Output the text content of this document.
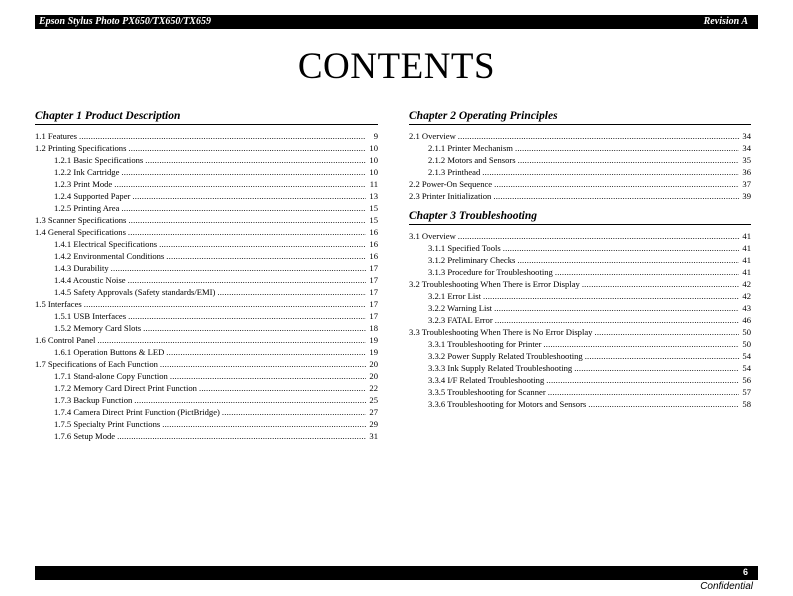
Epson Stylus Photo PX650/TX650/TX659	Revision A
CONTENTS
Chapter 1 Product Description
1.1 Features .....	9
1.2 Printing Specifications .....	10
1.2.1 Basic Specifications .....	10
1.2.2 Ink Cartridge .....	10
1.2.3 Print Mode .....	11
1.2.4 Supported Paper .....	13
1.2.5 Printing Area .....	15
1.3 Scanner Specifications .....	15
1.4 General Specifications .....	16
1.4.1 Electrical Specifications .....	16
1.4.2 Environmental Conditions .....	16
1.4.3 Durability .....	17
1.4.4 Acoustic Noise .....	17
1.4.5 Safety Approvals (Safety standards/EMI) .....	17
1.5 Interfaces .....	17
1.5.1 USB Interfaces .....	17
1.5.2 Memory Card Slots .....	18
1.6 Control Panel .....	19
1.6.1 Operation Buttons & LED .....	19
1.7 Specifications of Each Function .....	20
1.7.1 Stand-alone Copy Function .....	20
1.7.2 Memory Card Direct Print Function .....	22
1.7.3 Backup Function .....	25
1.7.4 Camera Direct Print Function (PictBridge) .....	27
1.7.5 Specialty Print Functions .....	29
1.7.6 Setup Mode .....	31
Chapter 2 Operating Principles
2.1 Overview .....	34
2.1.1 Printer Mechanism .....	34
2.1.2 Motors and Sensors .....	35
2.1.3 Printhead .....	36
2.2 Power-On Sequence .....	37
2.3 Printer Initialization .....	39
Chapter 3 Troubleshooting
3.1 Overview .....	41
3.1.1 Specified Tools .....	41
3.1.2 Preliminary Checks .....	41
3.1.3 Procedure for Troubleshooting .....	41
3.2 Troubleshooting When There is Error Display .....	42
3.2.1 Error List .....	42
3.2.2 Warning List .....	43
3.2.3 FATAL Error .....	46
3.3 Troubleshooting When There is No Error Display .....	50
3.3.1 Troubleshooting for Printer .....	50
3.3.2 Power Supply Related Troubleshooting .....	54
3.3.3 Ink Supply Related Troubleshooting .....	54
3.3.4 I/F Related Troubleshooting .....	56
3.3.5 Troubleshooting for Scanner .....	57
3.3.6 Troubleshooting for Motors and Sensors .....	58
6
Confidential
